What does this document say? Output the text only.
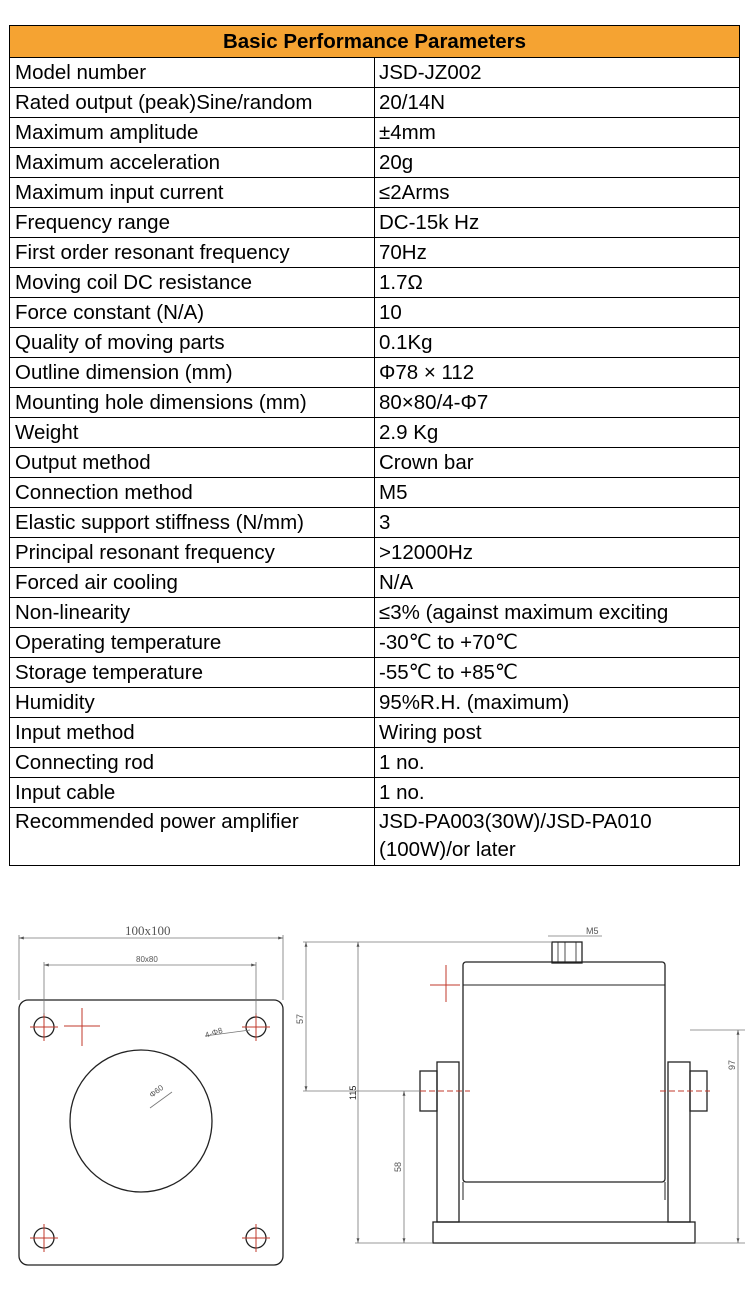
Basic Performance Parameters	
Model number	JSD-JZ002
Rated output (peak)Sine/random	20/14N
Maximum amplitude	±4mm
Maximum acceleration	20g
Maximum input current	≤2Arms
Frequency range	DC-15k Hz
First order resonant frequency	70Hz
Moving coil DC resistance	1.7Ω
Force constant (N/A)	10
Quality of moving parts	0.1Kg
Outline dimension (mm)	Φ78 × 112
Mounting hole dimensions (mm)	80×80/4-Φ7
Weight	2.9 Kg
Output method	Crown bar
Connection method	M5
Elastic support stiffness (N/mm)	3
Principal resonant frequency	>12000Hz
Forced air cooling	N/A
Non-linearity	≤3% (against maximum exciting
Operating temperature	-30℃ to +70℃
Storage temperature	-55℃ to +85℃
Humidity	95%R.H. (maximum)
Input method	Wiring post
Connecting rod	1 no.
Input cable	1 no.
Recommended power amplifier	JSD-PA003(30W)/JSD-PA010 (100W)/or later
100x100
80x80
4-Φ8
Φ60
M5
57
115
58
97
